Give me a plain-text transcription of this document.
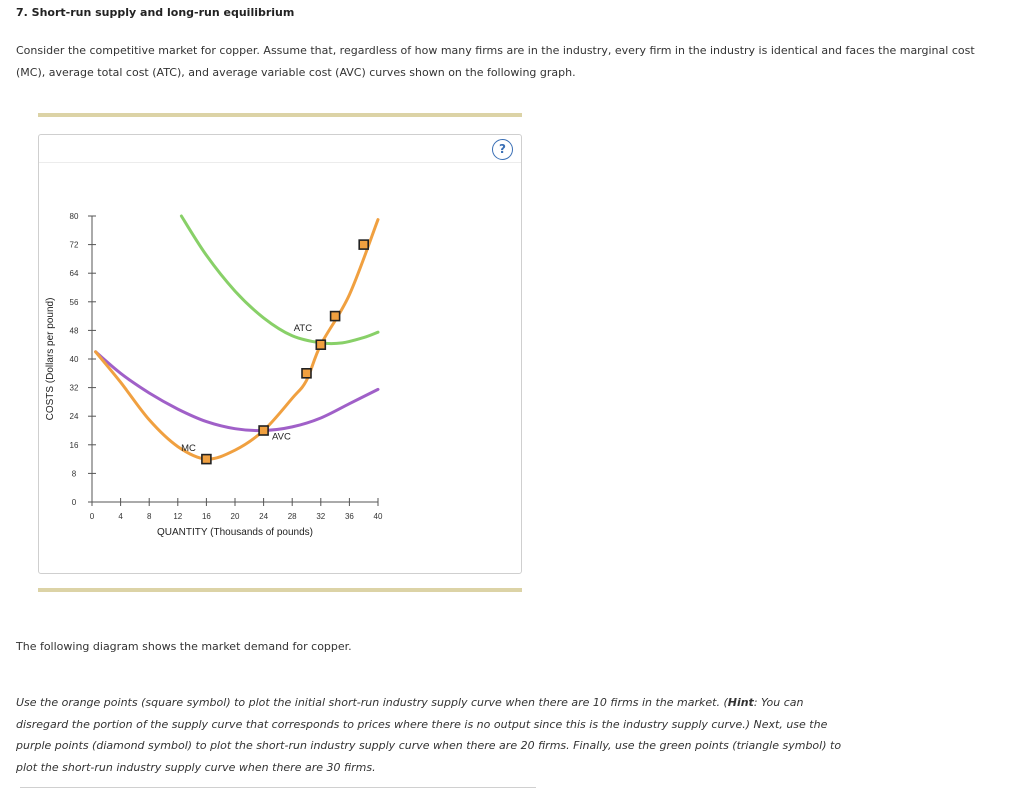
7. Short-run supply and long-run equilibrium

Consider the competitive market for copper. Assume that, regardless of how many firms are in the industry, every firm in the industry is identical and faces the marginal cost (MC), average total cost (ATC), and average variable cost (AVC) curves shown on the following graph.

?
0	4	8	12 16 20 24 28 32 36 40
0
8
16
24
32
40
48
56
64
72
80
QUANTITY (Thousands of pounds)
COSTS (Dollars per pound)
MC
ATC
AVC

The following diagram shows the market demand for copper.

Use the orange points (square symbol) to plot the initial short-run industry supply curve when there are 10 firms in the market. (Hint: You can disregard the portion of the supply curve that corresponds to prices where there is no output since this is the industry supply curve.) Next, use the purple points (diamond symbol) to plot the short-run industry supply curve when there are 20 firms. Finally, use the green points (triangle symbol) to plot the short-run industry supply curve when there are 30 firms.
